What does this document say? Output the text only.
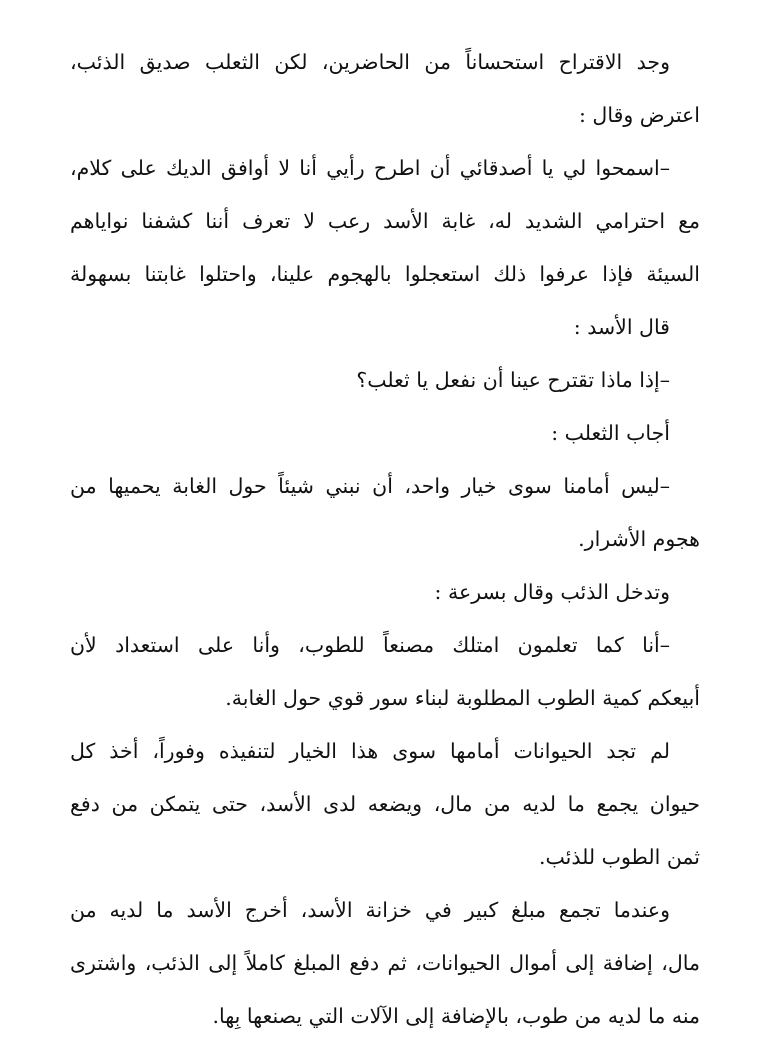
وجد الاقتراح استحساناً من الحاضرين، لكن الثعلب صديق الذئب،
اعترض وقال :
–اسمحوا لي يا أصدقائي أن اطرح رأيي أنا لا أوافق الديك على كلام،
مع احترامي الشديد له، غابة الأسد رعب لا تعرف أننا كشفنا نواياهم
السيئة فإذا عرفوا ذلك استعجلوا بالهجوم علينا، واحتلوا غابتنا بسهولة
قال الأسد :
–إذا ماذا تقترح عينا أن نفعل يا ثعلب؟
أجاب الثعلب :
–ليس أمامنا سوى خيار واحد، أن نبني شيئاً حول الغابة يحميها من
هجوم الأشرار.
وتدخل الذئب وقال بسرعة :
–أنا كما تعلمون امتلك مصنعاً للطوب، وأنا على استعداد لأن
أبيعكم كمية الطوب المطلوبة لبناء سور قوي حول الغابة.
لم تجد الحيوانات أمامها سوى هذا الخيار لتنفيذه وفوراً، أخذ كل
حيوان يجمع ما لديه من مال، ويضعه لدى الأسد، حتى يتمكن من دفع
ثمن الطوب للذئب.
وعندما تجمع مبلغ كبير في خزانة الأسد، أخرج الأسد ما لديه من
مال، إضافة إلى أموال الحيوانات، ثم دفع المبلغ كاملاً إلى الذئب، واشترى
منه ما لديه من طوب، بالإضافة إلى الآلات التي يصنعها بِها.
